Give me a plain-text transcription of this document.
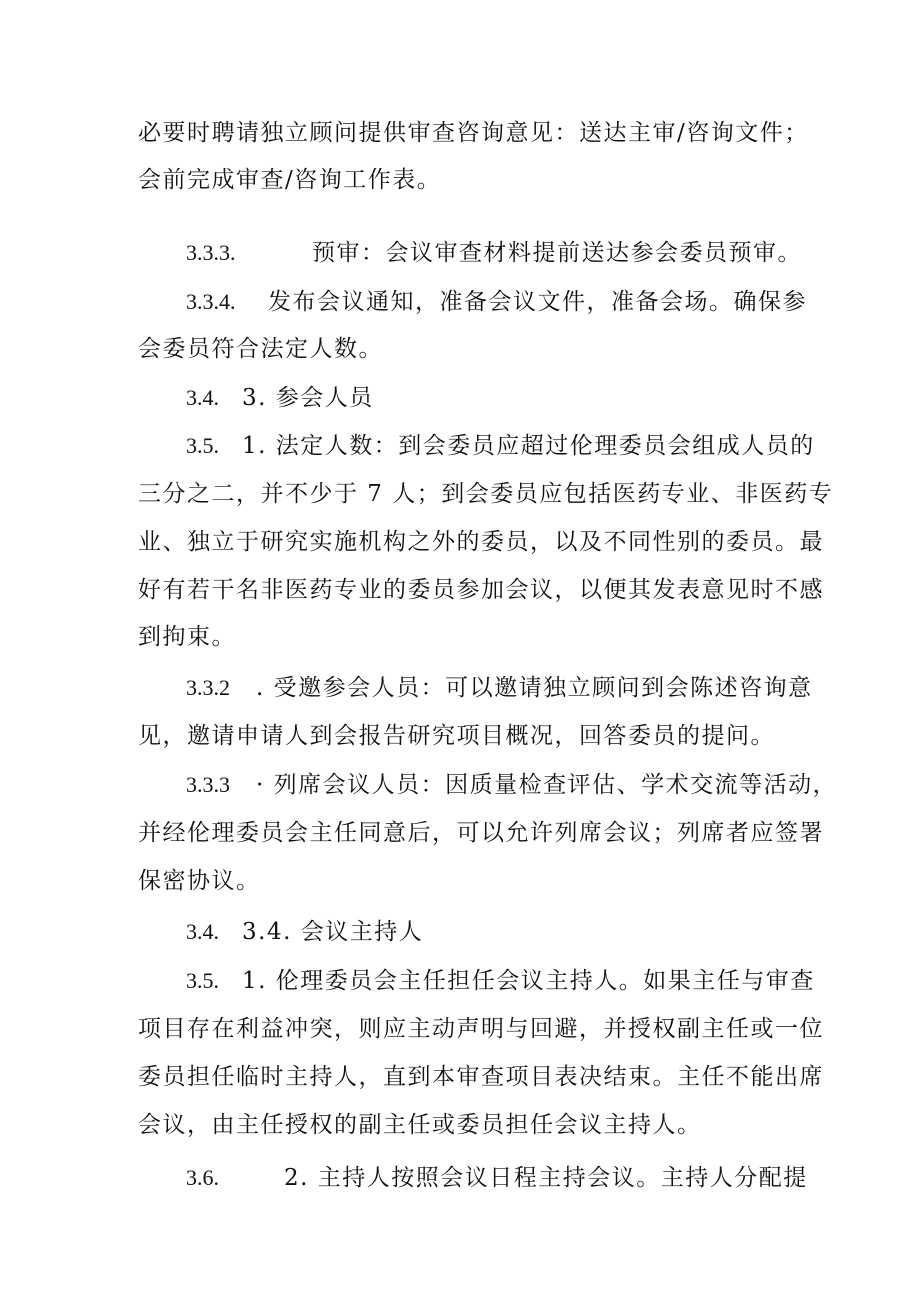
必要时聘请独立顾问提供审查咨询意见：送达主审/咨询文件；
会前完成审查/咨询工作表。
3.3.3.	预审：会议审查材料提前送达参会委员预审。
3.3.4. 发布会议通知，准备会议文件，准备会场。确保参
会委员符合法定人数。
3.4. 3. 参会人员
3.5. 1. 法定人数：到会委员应超过伦理委员会组成人员的
三分之二，并不少于 7 人；到会委员应包括医药专业、非医药专
业、独立于研究实施机构之外的委员，以及不同性别的委员。最
好有若干名非医药专业的委员参加会议，以便其发表意见时不感
到拘束。
3.3.2 . 受邀参会人员：可以邀请独立顾问到会陈述咨询意
见，邀请申请人到会报告研究项目概况，回答委员的提问。
3.3.3 · 列席会议人员：因质量检查评估、学术交流等活动，
并经伦理委员会主任同意后，可以允许列席会议；列席者应签署
保密协议。
3.4. 3.4. 会议主持人
3.5. 1. 伦理委员会主任担任会议主持人。如果主任与审查
项目存在利益冲突，则应主动声明与回避，并授权副主任或一位
委员担任临时主持人，直到本审查项目表决结束。主任不能出席
会议，由主任授权的副主任或委员担任会议主持人。
3.6.	2. 主持人按照会议日程主持会议。主持人分配提
